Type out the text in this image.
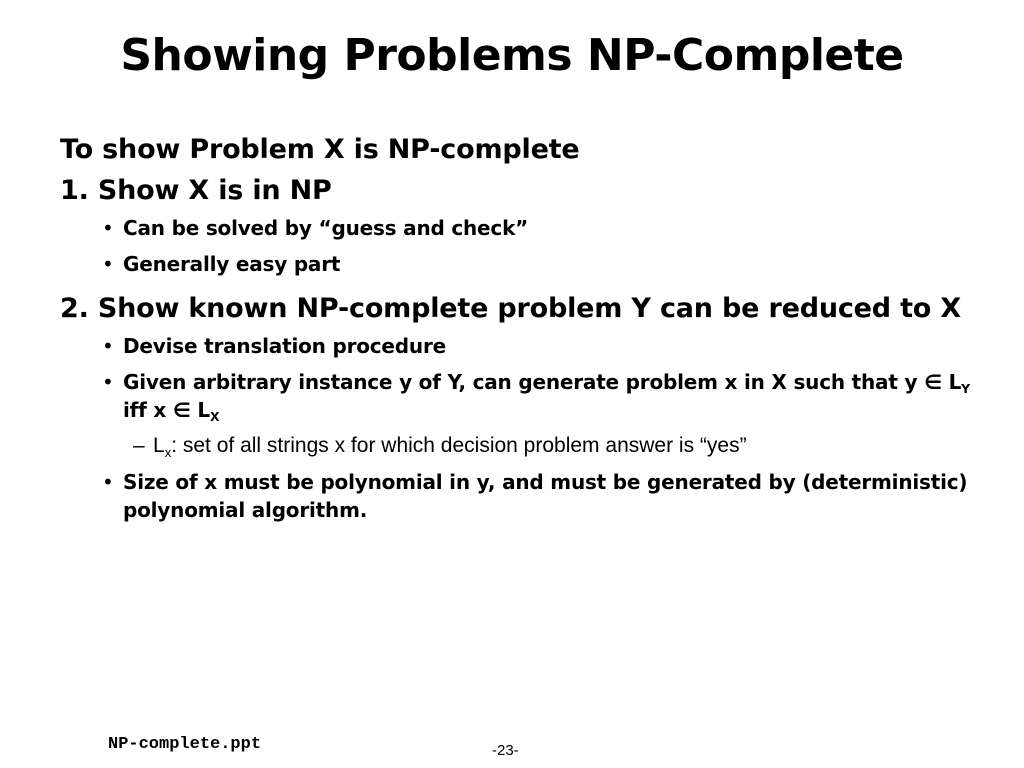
Showing Problems NP-Complete
To show Problem X is NP-complete
1. Show X is in NP
• Can be solved by “guess and check”
• Generally easy part
2. Show known NP-complete problem Y can be reduced to X
• Devise translation procedure
• Given arbitrary instance y of Y, can generate problem x in X such that y ∈ $L_Y$ iff x ∈ $L_X$
– $L_x$: set of all strings x for which decision problem answer is “yes”
• Size of x must be polynomial in y, and must be generated by (deterministic) polynomial algorithm.
NP-complete.ppt	-23-
